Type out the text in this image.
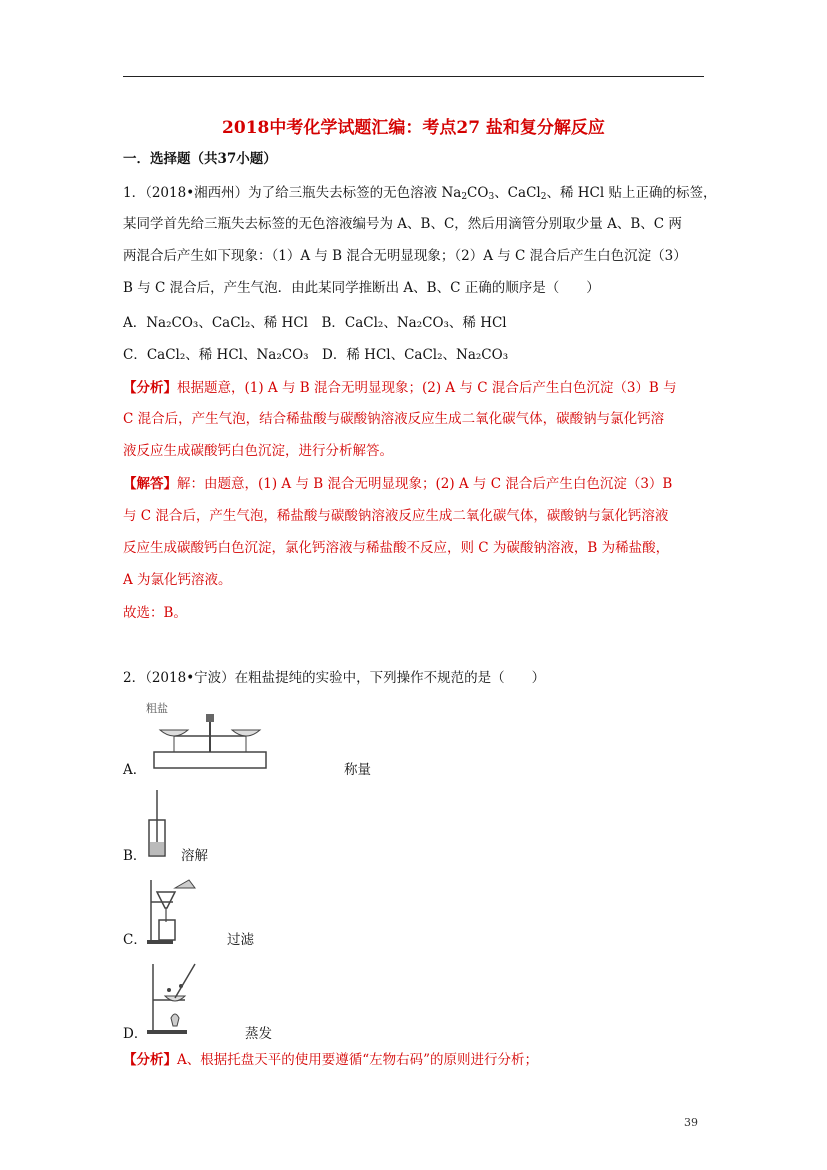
2018中考化学试题汇编：考点27 盐和复分解反应
一．选择题（共37小题）
1．（2018•湘西州）为了给三瓶失去标签的无色溶液 $Na_2CO_3$、CaCl$_2$、稀 HCl 贴上正确的标签，
某同学首先给三瓶失去标签的无色溶液编号为 A、B、C，然后用滴管分别取少量 A、B、C 两
两混合后产生如下现象：（1）A 与 B 混合无明显现象；（2）A 与 C 混合后产生白色沉淀（3）
B 与 C 混合后，产生气泡．由此某同学推断出 A、B、C 正确的顺序是（　　）
A．Na₂CO₃、CaCl₂、稀 HCl　B．CaCl₂、Na₂CO₃、稀 HCl
C．CaCl₂、稀 HCl、Na₂CO₃　D．稀 HCl、CaCl₂、Na₂CO₃
【分析】根据题意，(1) A 与 B 混合无明显现象；(2) A 与 C 混合后产生白色沉淀（3）B 与
C 混合后，产生气泡，结合稀盐酸与碳酸钠溶液反应生成二氧化碳气体，碳酸钠与氯化钙溶
液反应生成碳酸钙白色沉淀，进行分析解答。
【解答】解：由题意，(1) A 与 B 混合无明显现象；(2) A 与 C 混合后产生白色沉淀（3）B
与 C 混合后，产生气泡，稀盐酸与碳酸钠溶液反应生成二氧化碳气体，碳酸钠与氯化钙溶液
反应生成碳酸钙白色沉淀，氯化钙溶液与稀盐酸不反应，则 C 为碳酸钠溶液，B 为稀盐酸，
A 为氯化钙溶液。
故选：B。
2．（2018•宁波）在粗盐提纯的实验中，下列操作不规范的是（　　）
粗盐
A．	称量
B．	溶解
C．	过滤
D．	蒸发
【分析】A、根据托盘天平的使用要遵循“左物右码”的原则进行分析；
39
